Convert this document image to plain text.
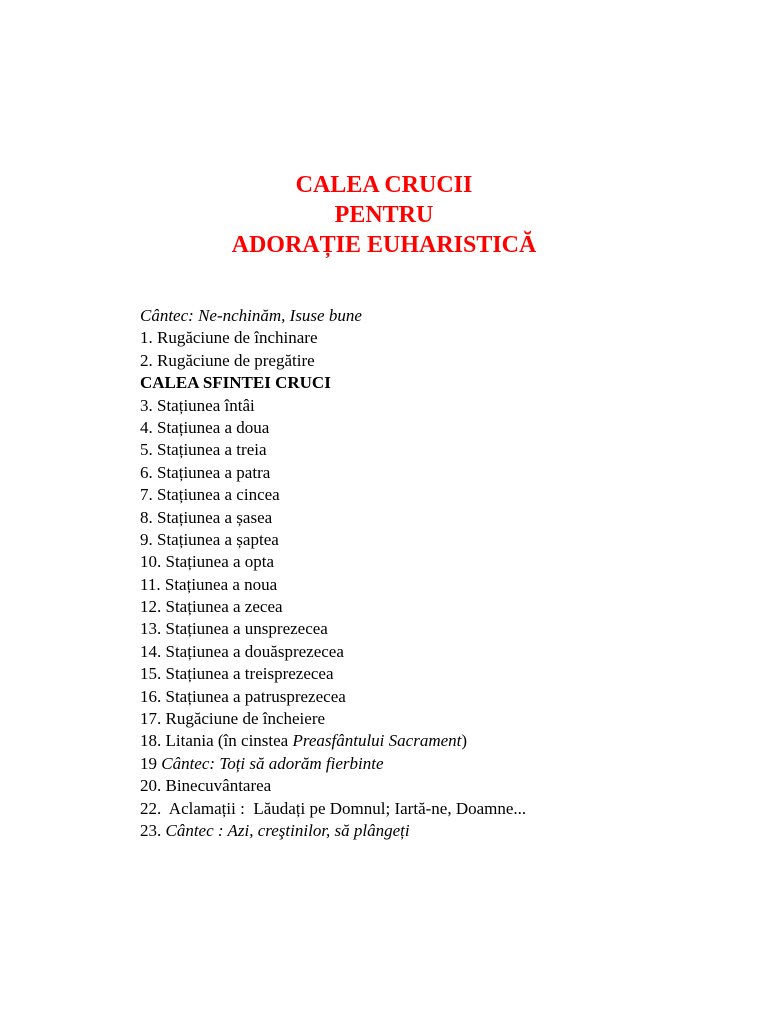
CALEA CRUCII
PENTRU
ADORAȚIE EUHARISTICĂ
Cântec: Ne-nchinăm, Isuse bune
1. Rugăciune de închinare
2. Rugăciune de pregătire
CALEA SFINTEI CRUCI
3. Stațiunea întâi
4. Stațiunea a doua
5. Stațiunea a treia
6. Stațiunea a patra
7. Stațiunea a cincea
8. Stațiunea a șasea
9. Stațiunea a șaptea
10. Stațiunea a opta
11. Stațiunea a noua
12. Stațiunea a zecea
13. Stațiunea a unsprezecea
14. Stațiunea a douăsprezecea
15. Stațiunea a treisprezecea
16. Stațiunea a patrusprezecea
17. Rugăciune de încheiere
18. Litania (în cinstea Preasfântului Sacrament)
19 Cântec: Toți să adorăm fierbinte
20. Binecuvântarea
22.  Aclamații :  Lăudați pe Domnul; Iartă-ne, Doamne...
23. Cântec : Azi, creştinilor, să plângeți
